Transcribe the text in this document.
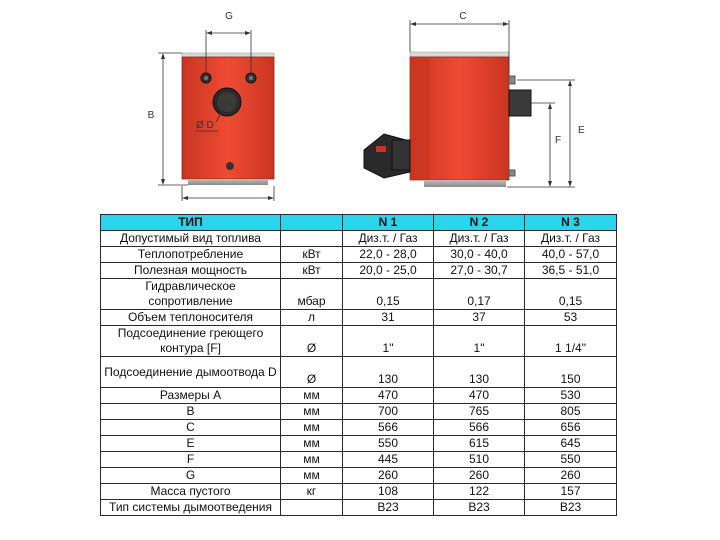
G
B
Ø D
C
E
F
ТИП		N 1	N 2	N 3
Допустимый вид топлива		Диз.т. / Газ	Диз.т. / Газ	Диз.т. / Газ
Теплопотребление	кВт	22,0 - 28,0	30,0 - 40,0	40,0 - 57,0
Полезная мощность	кВт	20,0 - 25,0	27,0 - 30,7	36,5 - 51,0
Гидравлическое сопротивление	мбар	0,15	0,17	0,15
Объем теплоносителя	л	31	37	53
Подсоединение греющего контура [F]	Ø	1"	1"	1 1/4"
Подсоединение дымоотвода D	Ø	130	130	150
Размеры A	мм	470	470	530
B	мм	700	765	805
C	мм	566	566	656
E	мм	550	615	645
F	мм	445	510	550
G	мм	260	260	260
Масса пустого	кг	108	122	157
Тип системы дымоотведения		B23	B23	B23
